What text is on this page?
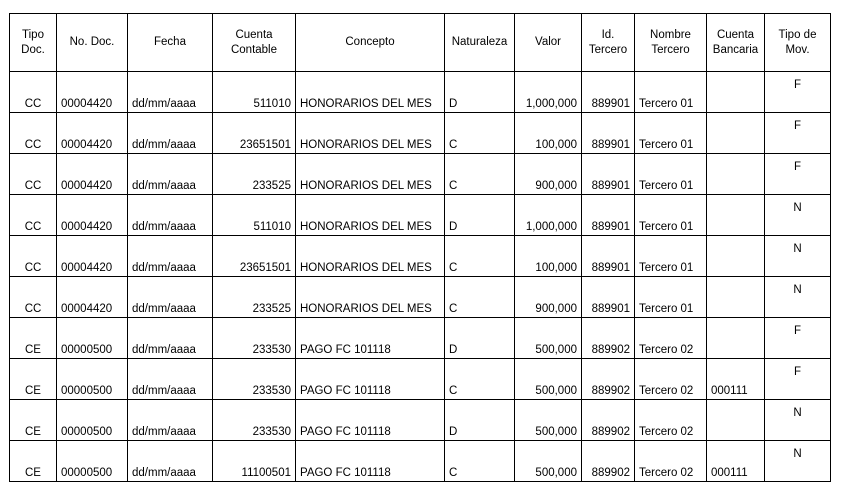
Tipo Doc.	No. Doc.	Fecha	Cuenta Contable	Concepto	Naturaleza	Valor	Id. Tercero	Nombre Tercero	Cuenta Bancaria	Tipo de Mov.
CC	00004420	dd/mm/aaaa	511010	HONORARIOS DEL MES	D	1,000,000	889901	Tercero 01		F
CC	00004420	dd/mm/aaaa	23651501	HONORARIOS DEL MES	C	100,000	889901	Tercero 01		F
CC	00004420	dd/mm/aaaa	233525	HONORARIOS DEL MES	C	900,000	889901	Tercero 01		F
CC	00004420	dd/mm/aaaa	511010	HONORARIOS DEL MES	D	1,000,000	889901	Tercero 01		N
CC	00004420	dd/mm/aaaa	23651501	HONORARIOS DEL MES	C	100,000	889901	Tercero 01		N
CC	00004420	dd/mm/aaaa	233525	HONORARIOS DEL MES	C	900,000	889901	Tercero 01		N
CE	00000500	dd/mm/aaaa	233530	PAGO FC 101118	D	500,000	889902	Tercero 02		F
CE	00000500	dd/mm/aaaa	233530	PAGO FC 101118	C	500,000	889902	Tercero 02	000111	F
CE	00000500	dd/mm/aaaa	233530	PAGO FC 101118	D	500,000	889902	Tercero 02		N
CE	00000500	dd/mm/aaaa	11100501	PAGO FC 101118	C	500,000	889902	Tercero 02	000111	N
